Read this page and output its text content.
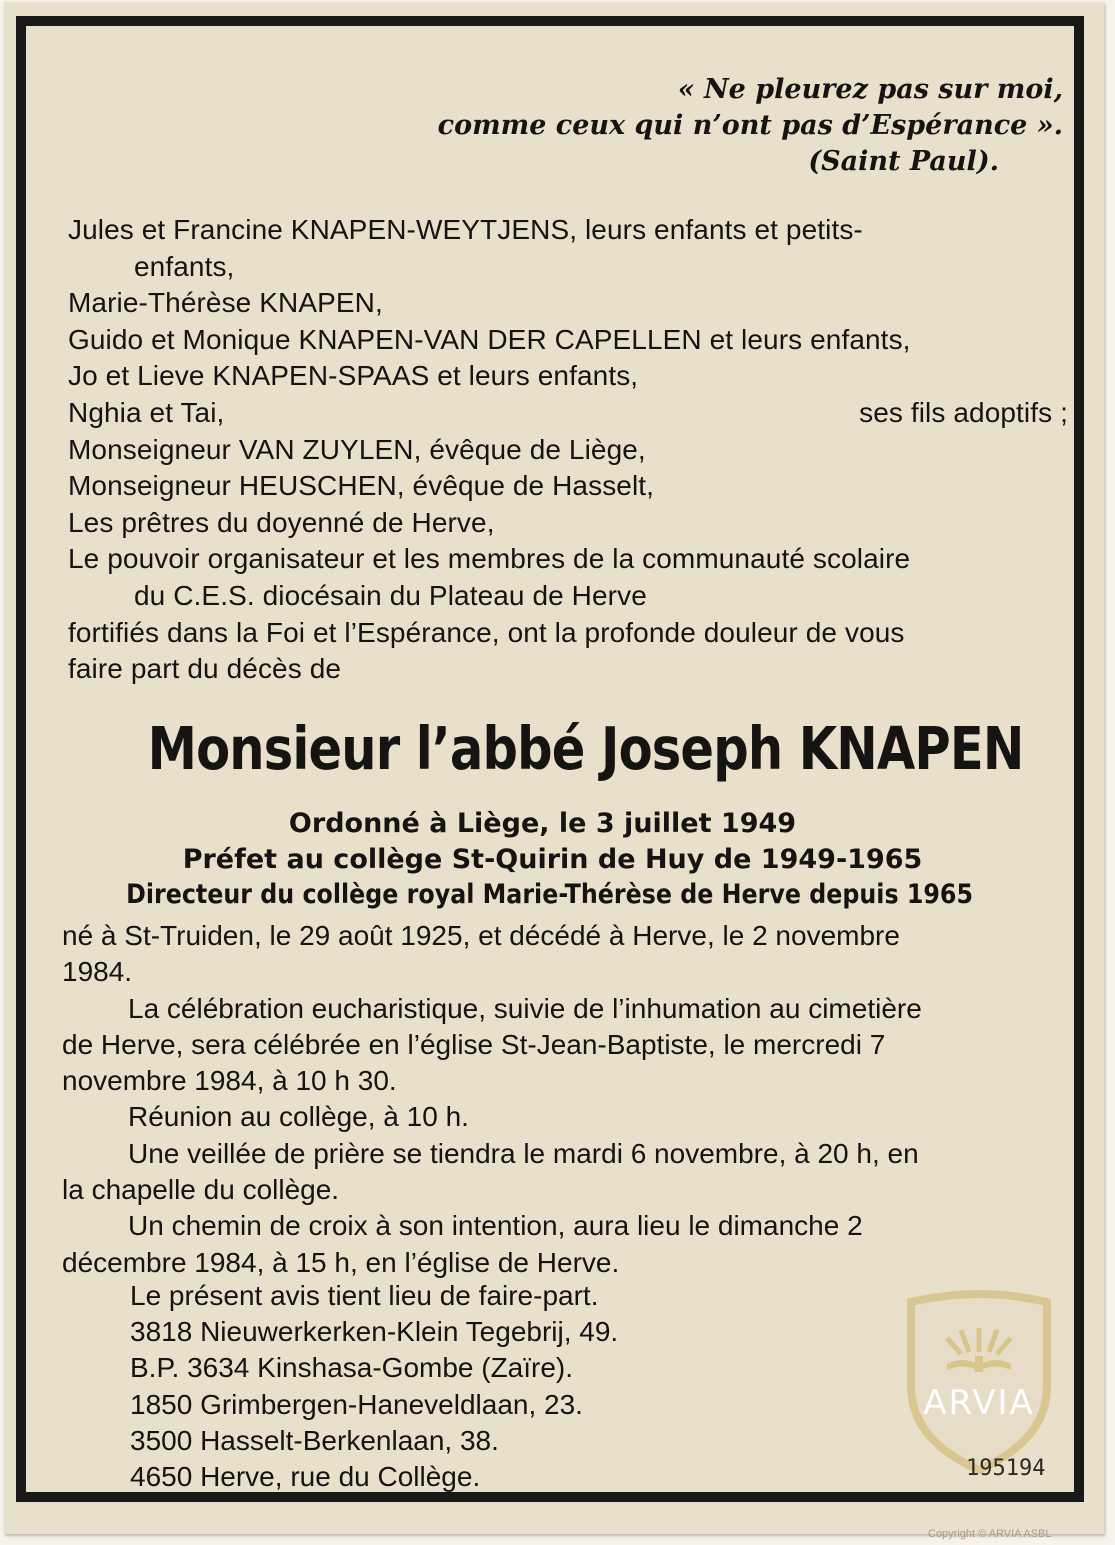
« Ne pleurez pas sur moi,
comme ceux qui n’ont pas d’Espérance ».
(Saint Paul).
Jules et Francine KNAPEN-WEYTJENS, leurs enfants et petits-
enfants,
Marie-Thérèse KNAPEN,
Guido et Monique KNAPEN-VAN DER CAPELLEN et leurs enfants,
Jo et Lieve KNAPEN-SPAAS et leurs enfants,
Nghia et Tai,	ses fils adoptifs ;
Monseigneur VAN ZUYLEN, évêque de Liège,
Monseigneur HEUSCHEN, évêque de Hasselt,
Les prêtres du doyenné de Herve,
Le pouvoir organisateur et les membres de la communauté scolaire
du C.E.S. diocésain du Plateau de Herve
fortifiés dans la Foi et l’Espérance, ont la profonde douleur de vous
faire part du décès de
Monsieur l’abbé Joseph KNAPEN
Ordonné à Liège, le 3 juillet 1949
Préfet au collège St-Quirin de Huy de 1949-1965
Directeur du collège royal Marie-Thérèse de Herve depuis 1965
né à St-Truiden, le 29 août 1925, et décédé à Herve, le 2 novembre
1984.
La célébration eucharistique, suivie de l’inhumation au cimetière
de Herve, sera célébrée en l’église St-Jean-Baptiste, le mercredi 7
novembre 1984, à 10 h 30.
Réunion au collège, à 10 h.
Une veillée de prière se tiendra le mardi 6 novembre, à 20 h, en
la chapelle du collège.
Un chemin de croix à son intention, aura lieu le dimanche 2
décembre 1984, à 15 h, en l’église de Herve.
Le présent avis tient lieu de faire-part.
3818 Nieuwerkerken-Klein Tegebrij, 49.
B.P. 3634 Kinshasa-Gombe (Zaïre).
1850 Grimbergen-Haneveldlaan, 23.
3500 Hasselt-Berkenlaan, 38.
4650 Herve, rue du Collège.
ARVIA
195194
Copyright © ARVIA ASBL
